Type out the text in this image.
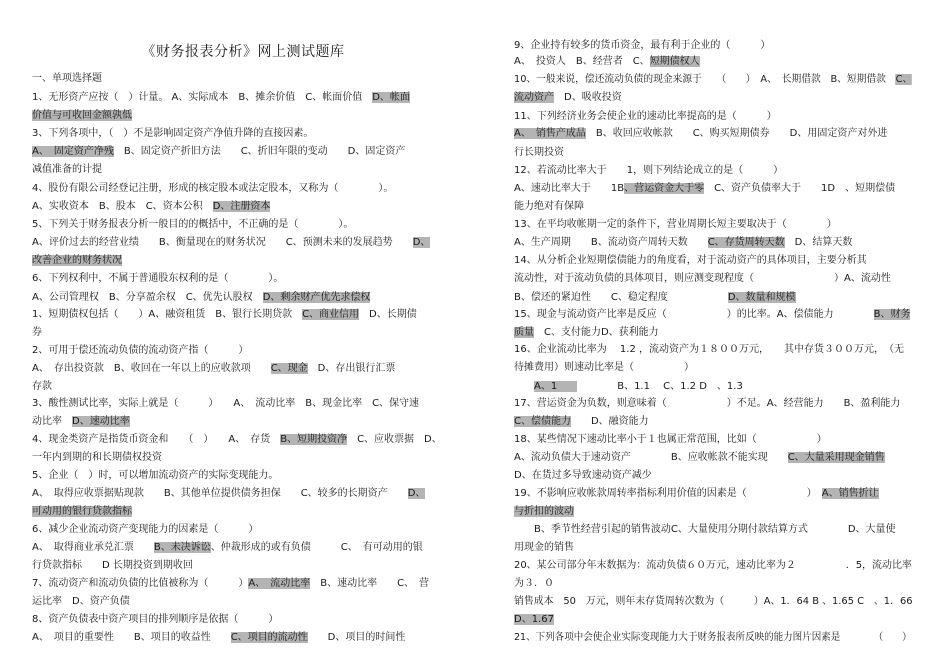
《财务报表分析》网上测试题库
一、单项选择题
1、无形资产应按（　）计量。 A、实际成本　B、摊余价值　C、帐面价值　D、帐面
价值与可收回金额孰低
3、下列各项中，（　）不是影响固定资产净值升降的直接因素。
A、　固定资产净残　B、固定资产折旧方法　　C、折旧年限的变动　　D、固定资产
减值准备的计提
4、股份有限公司经登记注册，形成的核定股本或法定股本，又称为（　　　　）。
A、实收资本　B、股本　C、资本公积　D、注册资本
5、下列关于财务报表分析一般目的的概括中，不正确的是（　　　　）。
A、评价过去的经营业绩　　B、衡量现在的财务状况　　C、预测未来的发展趋势　　D、
改善企业的财务状况
6、下列权利中，不属于普通股东权利的是（　　　　）。
A、公司管理权　B、分享盈余权　C、优先认股权　D、剩余财产优先求偿权
1、短期债权包括（　　）A、融资租赁　B、银行长期贷款　C、商业信用　D、长期债
券
2、可用于偿还流动负债的流动资产指（　　　）
A、　存出投资款　B、收回在一年以上的应收款项　　C、现金　D、存出银行汇票
存款
3、酸性测试比率，实际上就是（　　　）　　A、　流动比率　B、现金比率　C、保守速
动比率　D、速动比率
4、现金类资产是指货币资金和　　（　）　　A、　存货　B、短期投资净　C、应收票据　D、
一年内到期的和长期债权投资
5、企业（　）时，可以增加流动资产的实际变现能力。
A、　取得应收票据贴现款　　B、其他单位提供债务担保　　C、较多的长期资产　　D、
可动用的银行贷款指标
6、减少企业流动资产变现能力的因素是（　　　）
A、　取得商业承兑汇票　　B、未决诉讼、仲裁形成的或有负债　　　C、　有可动用的银
行贷款指标　　D 长期投资到期收回
7、流动资产和流动负债的比值被称为（　　　）A、　流动比率　B、速动比率　　C、　营
运比率　D、资产负债
8、资产负债表中资产项目的排列顺序是依据（　　　）
A、　项目的重要性　　B、项目的收益性　　C、项目的流动性　　D、项目的时间性
9、企业持有较多的货币资金，最有利于企业的（　　　）
A、　投资人　B、经营者　C、短期债权人
10、一般来说，偿还流动负债的现金来源于　　（　　）　A、　长期借款　B、短期借款　C、
流动资产　D、吸收投资
11、下列经济业务会使企业的速动比率提高的是（　　　）
A、　销售产成品　B、收回应收帐款　　C、购买短期债券　　D、用固定资产对外进
行长期投资
12、若流动比率大于　　1，则下列结论成立的是（　　　）
A、速动比率大于　　1B、营运资金大于零　C、资产负债率大于　　1D　、短期偿债
能力绝对有保障
13、在平均收帐期一定的条件下，营业周期长短主要取决于（　　　　）
A、生产周期　　B、流动资产周转天数　　C、存货周转天数　D、结算天数
14、从分析企业短期偿债能力的角度看，对于流动资产的具体项目，主要分析其
流动性，对于流动负债的具体项目，则应测变现程度（　　　　　　　　）A、流动性
B、偿还的紧迫性　　C、稳定程度　　　　　　D、数量和规模
15、现金与流动资产比率是反应（　　　　　　）的比率。A、偿债能力　　　　B、财务
质量　C、支付能力D、获利能力
16、企业流动比率为　 1.2 ，流动资产为１８００万元，　　其中存货３００万元，　（无
待摊费用）则速动比率是（　　　　　）
　　A、1　　　　　　B、1.1　 C、1.2 D　、1.3
17、营运资金为负数，则意味着（　　　　　　）不足。A、经营能力　　B、盈利能力
C、偿债能力　　D、融资能力
18、某些情况下速动比率小于１也属正常范围，比如（　　　　　　）
A、流动负债大于速动资产　　　　B、应收帐款不能实现　　C、大量采用现金销售
D、在货过多导致速动资产减少
19、不影响应收帐款周转率指标利用价值的因素是（　　　　　　）　A、销售折让
与折扣的波动
　　B、季节性经营引起的销售波动C、大量使用分期付款结算方式　　　　D、大量使
用现金的销售
20、某公司部分年末数据为：流动负债６０万元，速动比率为２　　　　　．5，流动比率
为３．０
销售成本　50　万元，则年末存货周转次数为（　　　）A、1．64 B 、1.65 C　、1．66
D、1.67
21、下列各项中会使企业实际变现能力大于财务报表所反映的能力图片因素是　　　　（　　）
